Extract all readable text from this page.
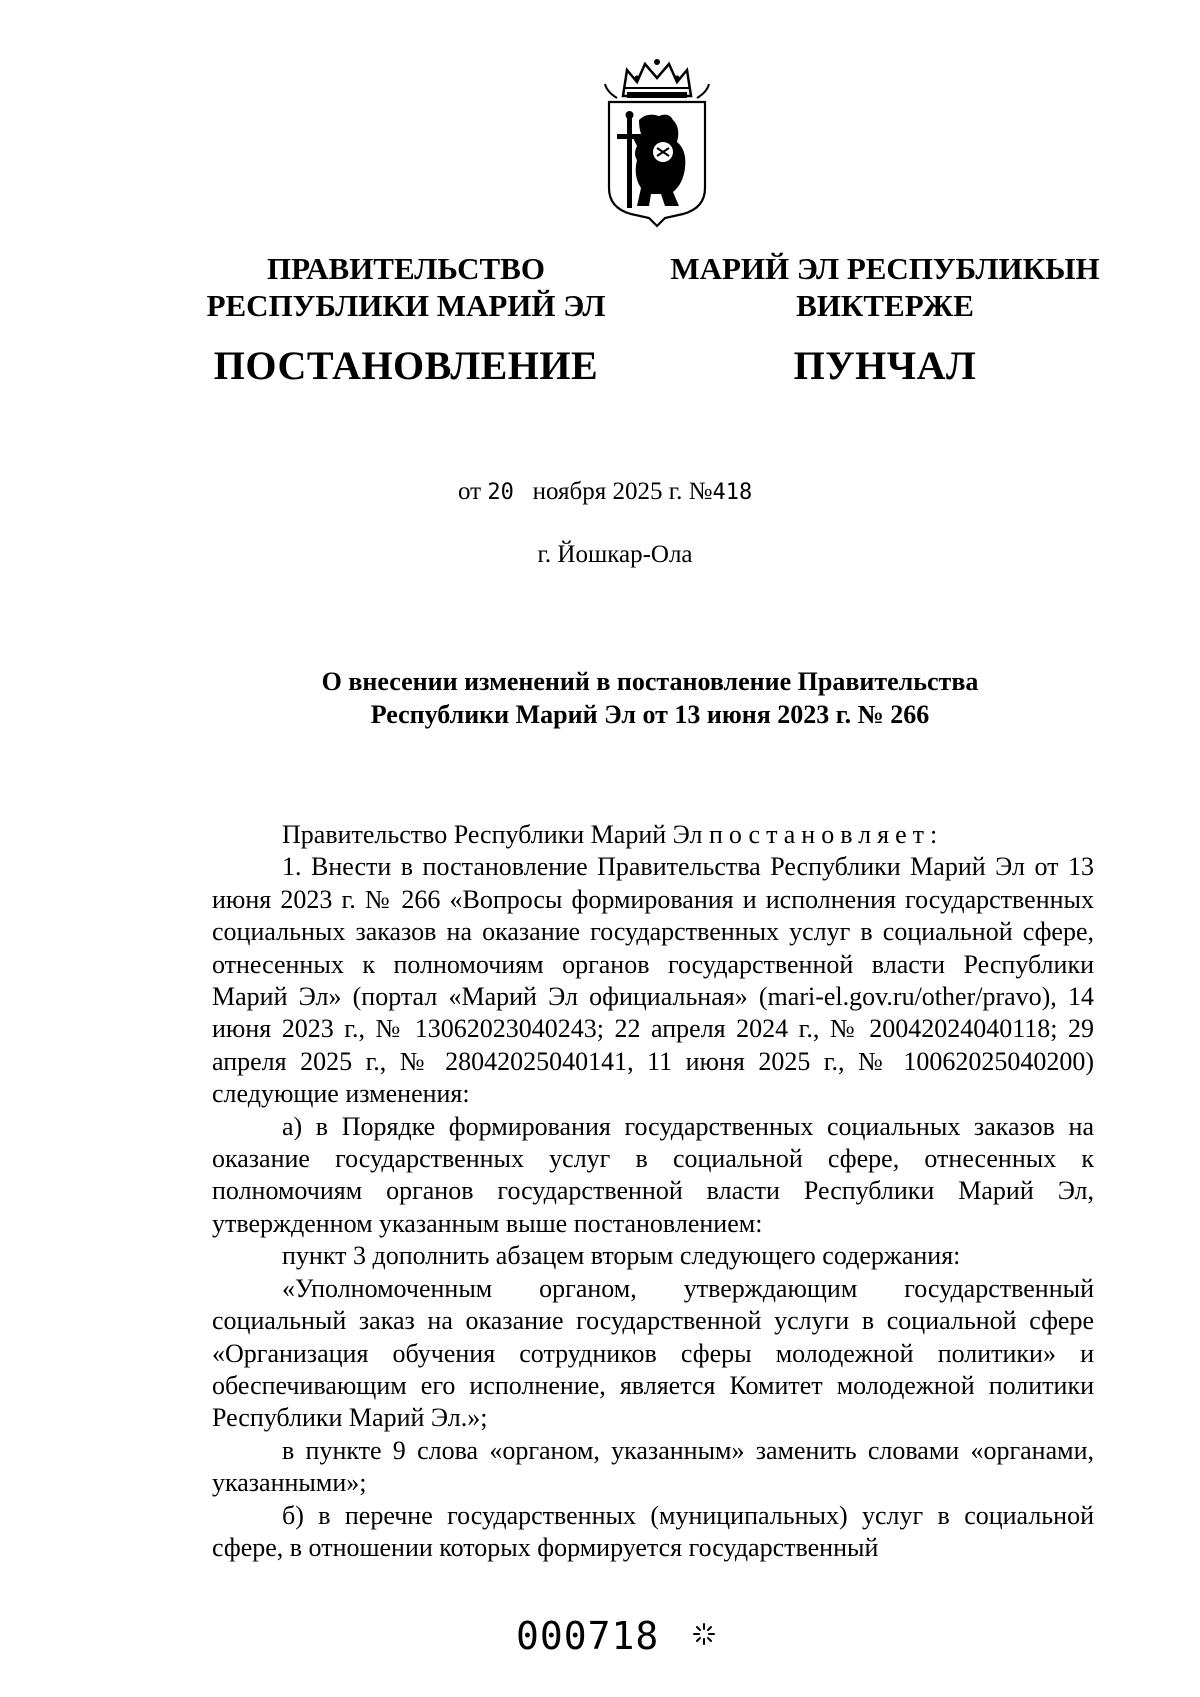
ПРАВИТЕЛЬСТВО
РЕСПУБЛИКИ МАРИЙ ЭЛ
МАРИЙ ЭЛ РЕСПУБЛИКЫН
ВИКТЕРЖЕ
ПОСТАНОВЛЕНИЕ	ПУНЧАЛ
от 20 ноября 2025 г. №418
г. Йошкар-Ола
О внесении изменений в постановление Правительства
Республики Марий Эл от 13 июня 2023 г. № 266

Правительство Республики Марий Эл постановляет:

1. Внести в постановление Правительства Республики Марий Эл от 13 июня 2023 г. № 266 «Вопросы формирования и исполнения государственных социальных заказов на оказание государственных услуг в социальной сфере, отнесенных к полномочиям органов государственной власти Республики Марий Эл» (портал «Марий Эл официальная» (mari-el.gov.ru/other/pravo), 14 июня 2023 г., № 13062023040243; 22 апреля 2024 г., № 20042024040118; 29 апреля 2025 г., № 28042025040141, 11 июня 2025 г., № 10062025040200) следующие изменения:

а) в Порядке формирования государственных социальных заказов на оказание государственных услуг в социальной сфере, отнесенных к полномочиям органов государственной власти Республики Марий Эл, утвержденном указанным выше постановлением:

пункт 3 дополнить абзацем вторым следующего содержания:

«Уполномоченным органом, утверждающим государственный социальный заказ на оказание государственной услуги в социальной сфере «Организация обучения сотрудников сферы молодежной политики» и обеспечивающим его исполнение, является Комитет молодежной политики Республики Марий Эл.»;

в пункте 9 слова «органом, указанным» заменить словами «органами, указанными»;

б) в перечне государственных (муниципальных) услуг в социальной сфере, в отношении которых формируется государственный

000718
